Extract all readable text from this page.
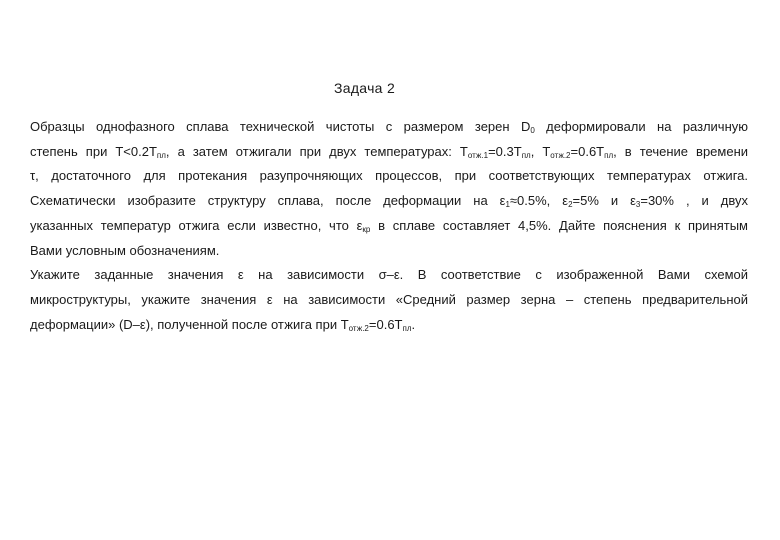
Задача 2
Образцы однофазного сплава технической чистоты с размером зерен $D_0$ деформировали на различную
степень при $T<0.2T_{пл}$, а затем отжигали при двух температурах: $T_{отж.1}=0.3T_{пл}$, $T_{отж.2}=0.6T_{пл}$, в течение времени
τ, достаточного для протекания разупрочняющих процессов, при соответствующих температурах отжига.
Схематически изобразите структуру сплава, после деформации на $\varepsilon_1\approx 0.5\%$, $\varepsilon_2=5\%$ и $\varepsilon_3=30\%$ , и двух
указанных температур отжига если известно, что $\varepsilon_{кр}$ в сплаве составляет 4,5%. Дайте пояснения к принятым
Вами условным обозначениям.
Укажите заданные значения ε на зависимости σ–ε. В соответствие с изображенной Вами схемой
микроструктуры, укажите значения ε на зависимости «Средний размер зерна – степень предварительной
деформации» (D–ε), полученной после отжига при $T_{отж.2}=0.6T_{пл}$.
